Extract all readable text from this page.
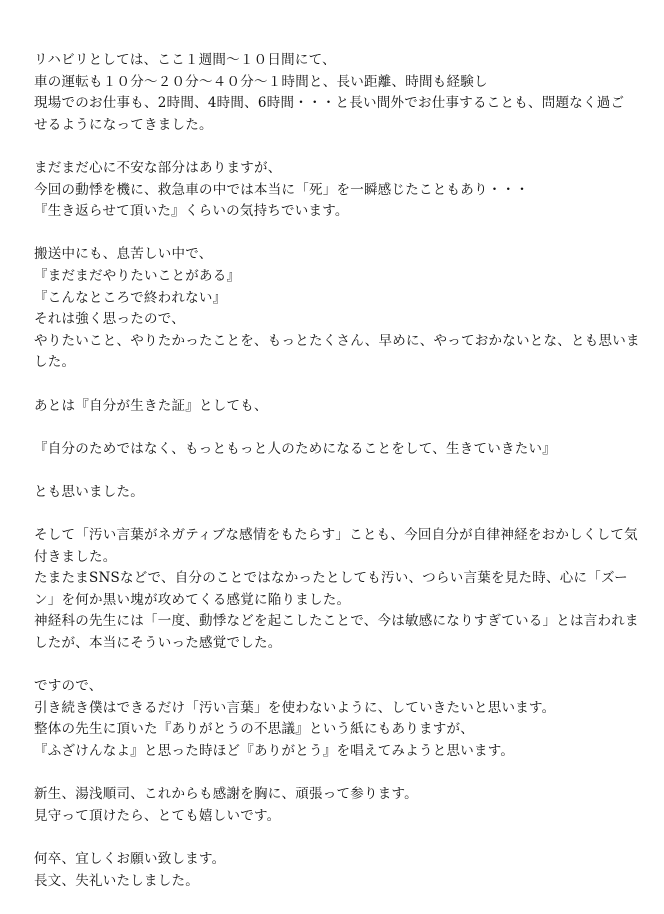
リハビリとしては、ここ１週間〜１０日間にて、
車の運転も１０分〜２０分〜４０分〜１時間と、長い距離、時間も経験し
現場でのお仕事も、2時間、4時間、6時間・・・と長い間外でお仕事することも、問題なく過ご
せるようになってきました。

まだまだ心に不安な部分はありますが、
今回の動悸を機に、救急車の中では本当に「死」を一瞬感じたこともあり・・・
『生き返らせて頂いた』くらいの気持ちでいます。

搬送中にも、息苦しい中で、
『まだまだやりたいことがある』
『こんなところで終われない』
それは強く思ったので、
やりたいこと、やりたかったことを、もっとたくさん、早めに、やっておかないとな、とも思いま
した。

あとは『自分が生きた証』としても、

『自分のためではなく、もっともっと人のためになることをして、生きていきたい』

とも思いました。

そして「汚い言葉がネガティブな感情をもたらす」ことも、今回自分が自律神経をおかしくして気
付きました。
たまたまSNSなどで、自分のことではなかったとしても汚い、つらい言葉を見た時、心に「ズー
ン」を何か黒い塊が攻めてくる感覚に陥りました。
神経科の先生には「一度、動悸などを起こしたことで、今は敏感になりすぎている」とは言われま
したが、本当にそういった感覚でした。

ですので、
引き続き僕はできるだけ「汚い言葉」を使わないように、していきたいと思います。
整体の先生に頂いた『ありがとうの不思議』という紙にもありますが、
『ふざけんなよ』と思った時ほど『ありがとう』を唱えてみようと思います。

新生、湯浅順司、これからも感謝を胸に、頑張って参ります。
見守って頂けたら、とても嬉しいです。

何卒、宜しくお願い致します。
長文、失礼いたしました。
